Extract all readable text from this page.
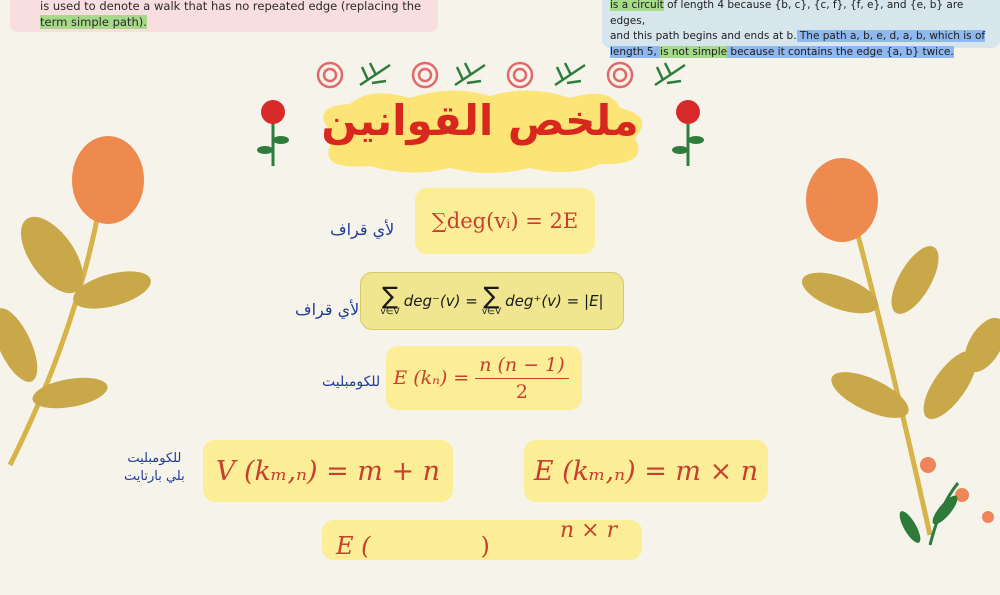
is used to denote a walk that has no repeated edge (replacing the
term simple path).
is a circuit of length 4 because {b, c}, {c, f}, {f, e}, and {e, b} are edges,
and this path begins and ends at b. The path a, b, e, d, a, b, which is of
length 5, is not simple because it contains the edge {a, b} twice.
ملخص القوانين
∑deg(vᵢ) = 2E
لأي قراف
∑
v∈V
deg⁻(v) = ∑
v∈V
deg⁺(v) = |E|
لأي قراف
E $(k_n) = \frac{n (n - 1)}{2}$
للكومبليت
V (kₘ,ₙ) = m + n
للكومبليت
بلي بارتايت	E (kₘ,ₙ) = m × n
E (	)
n × r
